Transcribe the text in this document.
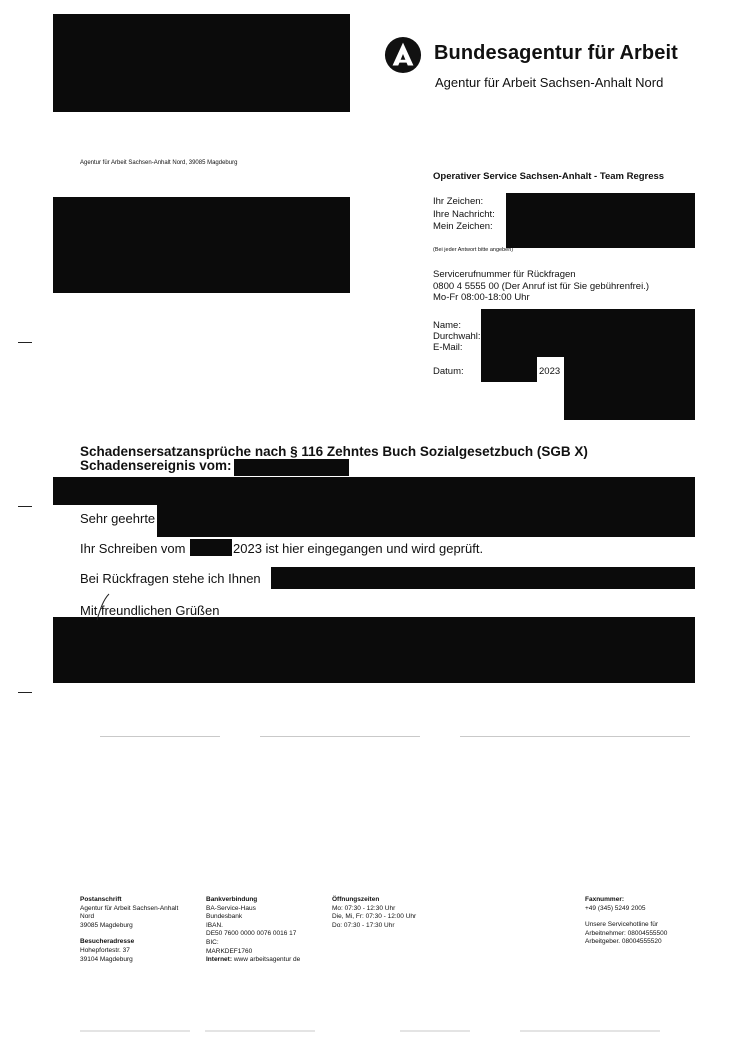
Bundesagentur für Arbeit
Agentur für Arbeit Sachsen-Anhalt Nord
Agentur für Arbeit Sachsen-Anhalt Nord, 39085 Magdeburg
Operativer Service Sachsen-Anhalt - Team Regress
Ihr Zeichen:
Ihre Nachricht:
Mein Zeichen:
(Bei jeder Antwort bitte angeben)
Servicerufnummer für Rückfragen
0800 4 5555 00 (Der Anruf ist für Sie gebührenfrei.)
Mo-Fr 08:00-18:00 Uhr
Name:
Durchwahl:
E-Mail:
Datum:	2023
Schadensersatzansprüche nach § 116 Zehntes Buch Sozialgesetzbuch (SGB X)
Schadensereignis vom:
Sehr geehrte
Ihr Schreiben vom	2023 ist hier eingegangen und wird geprüft.
Bei Rückfragen stehe ich Ihnen
Mit freundlichen Grüßen
Postanschrift
Agentur für Arbeit Sachsen-Anhalt
Nord
39085 Magdeburg
Besucheradresse
Hohepfortestr. 37
39104 Magdeburg
Bankverbindung
BA-Service-Haus
Bundesbank
IBAN.
DE50 7600 0000 0076 0016 17
BIC:
MARKDEF1760
Internet: www arbeitsagentur de
Öffnungszeiten
Mo: 07:30 - 12:30 Uhr
Die, Mi, Fr: 07:30 - 12:00 Uhr
Do: 07:30 - 17:30 Uhr
Faxnummer:
+49 (345) 5249 2005
Unsere Servicehotline für
Arbeitnehmer: 08004555500
Arbeitgeber. 08004555520
